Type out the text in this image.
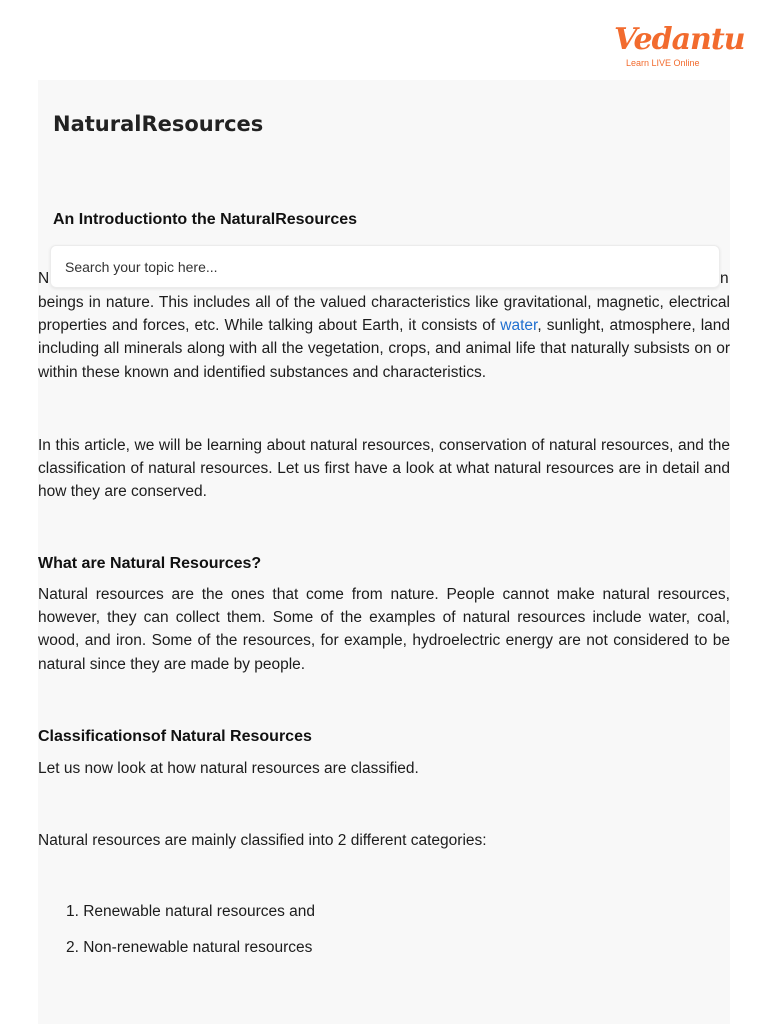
Vedantu
Learn LIVE Online
NaturalResources
An Introductionto the NaturalResources
N	n
Search your topic here...

beings in nature. This includes all of the valued characteristics like gravitational, magnetic, electrical properties and forces, etc. While talking about Earth, it consists of water, sunlight, atmosphere, land including all minerals along with all the vegetation, crops, and animal life that naturally subsists on or within these known and identified substances and characteristics.

In this article, we will be learning about natural resources, conservation of natural resources, and the classification of natural resources. Let us first have a look at what natural resources are in detail and how they are conserved.

What are Natural Resources?

Natural resources are the ones that come from nature. People cannot make natural resources, however, they can collect them. Some of the examples of natural resources include water, coal, wood, and iron. Some of the resources, for example, hydroelectric energy are not considered to be natural since they are made by people.

Classificationsof Natural Resources

Let us now look at how natural resources are classified.

Natural resources are mainly classified into 2 different categories:

1. Renewable natural resources and
2. Non-renewable natural resources
